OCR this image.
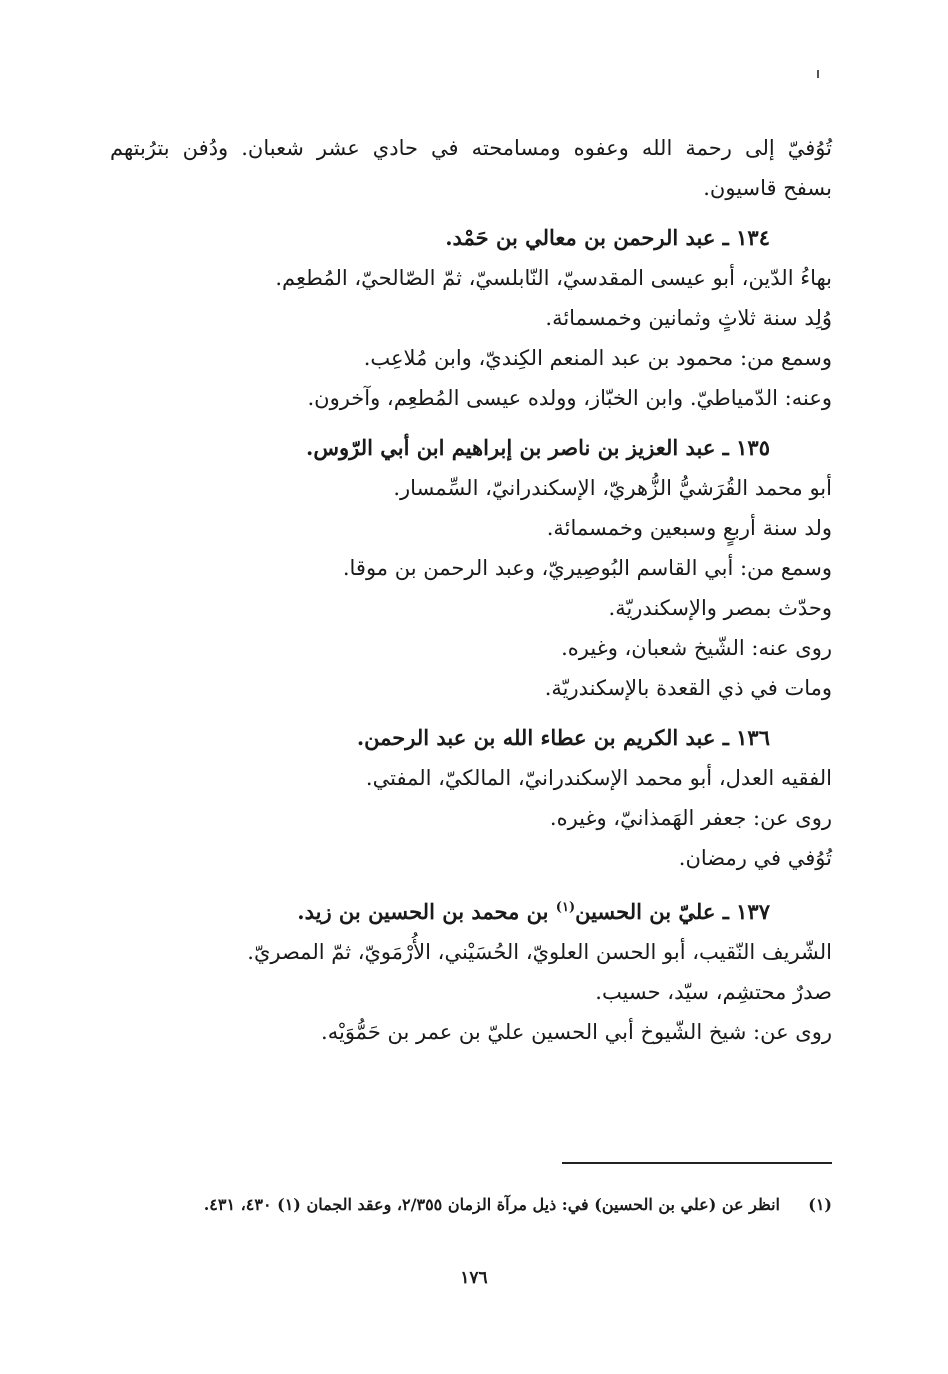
تُوُفيّ إلى رحمة الله وعفوه ومسامحته في حادي عشر شعبان. ودُفن بترُبتهم
بسفح قاسيون.
١٣٤ ـ عبد الرحمن بن معالي بن حَمْد.
بهاءُ الدّين، أبو عيسى المقدسيّ، النّابلسيّ، ثمّ الصّالحيّ، المُطعِم.
وُلِد سنة ثلاثٍ وثمانين وخمسمائة.
وسمع من: محمود بن عبد المنعم الكِنديّ، وابن مُلاعِب.
وعنه: الدّمياطيّ. وابن الخبّاز، وولده عيسى المُطعِم، وآخرون.
١٣٥ ـ عبد العزيز بن ناصر بن إبراهيم ابن أبي الرّوس.
أبو محمد القُرَشيُّ الزُّهريّ، الإسكندرانيّ، السِّمسار.
ولد سنة أربعٍ وسبعين وخمسمائة.
وسمع من: أبي القاسم البُوصِيريّ، وعبد الرحمن بن موقا.
وحدّث بمصر والإسكندريّة.
روى عنه: الشّيخ شعبان، وغيره.
ومات في ذي القعدة بالإسكندريّة.
١٣٦ ـ عبد الكريم بن عطاء الله بن عبد الرحمن.
الفقيه العدل، أبو محمد الإسكندرانيّ، المالكيّ، المفتي.
روى عن: جعفر الهَمذانيّ، وغيره.
تُوُفي في رمضان.
١٣٧ ـ عليّ بن الحسين$^{(١)}$ بن محمد بن الحسين بن زيد.
الشّريف النّقيب، أبو الحسن العلويّ، الحُسَيْني، الأُرْمَويّ، ثمّ المصريّ.
صدرٌ محتشِم، سيّد، حسيب.
روى عن: شيخ الشّيوخ أبي الحسين عليّ بن عمر بن حَمُّوَيْه.
(١)انظر عن (علي بن الحسين) في: ذيل مرآة الزمان ٢/٣٥٥، وعقد الجمان (١) ٤٣٠، ٤٣١.
١٧٦
